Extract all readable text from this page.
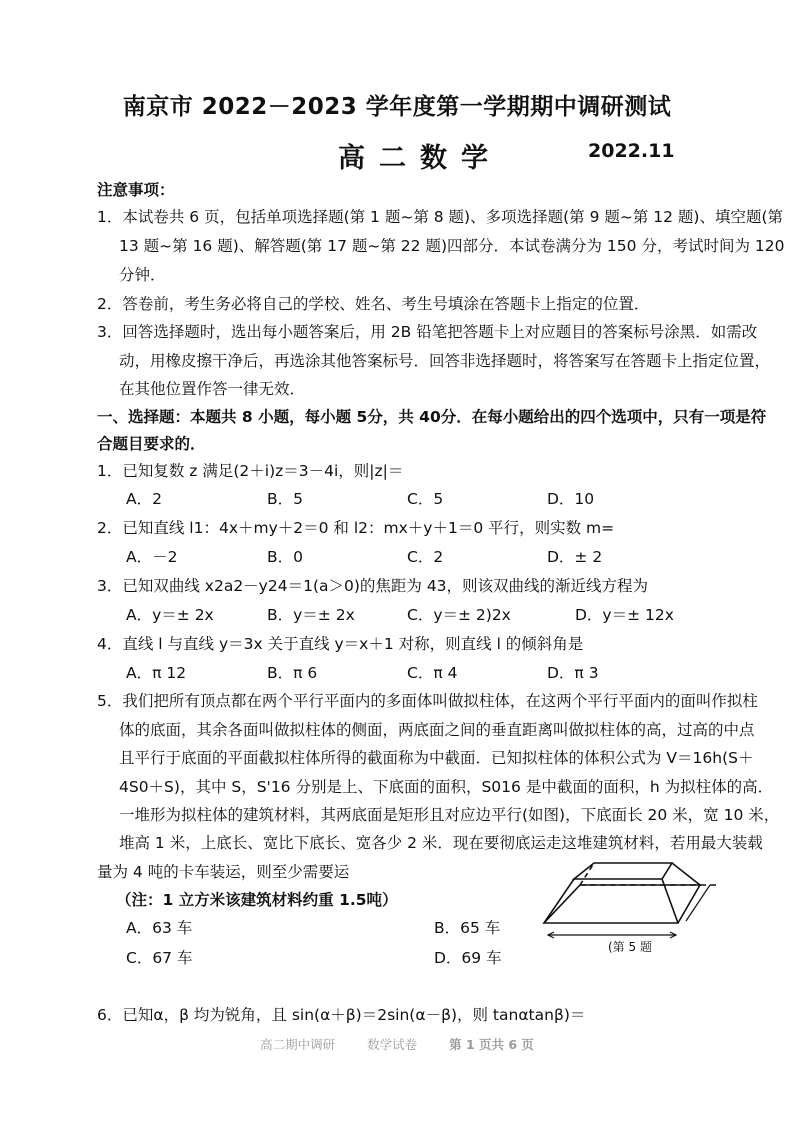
南京市 2022－2023 学年度第一学期期中调研测试
高二数学	2022.11
注意事项：
1．本试卷共 6 页，包括单项选择题(第 1 题~第 8 题)、多项选择题(第 9 题~第 12 题)、填空题(第
13 题~第 16 题)、解答题(第 17 题~第 22 题)四部分．本试卷满分为 150 分，考试时间为 120
分钟．
2．答卷前，考生务必将自己的学校、姓名、考生号填涂在答题卡上指定的位置．
3．回答选择题时，选出每小题答案后，用 2B 铅笔把答题卡上对应题目的答案标号涂黑．如需改
动，用橡皮擦干净后，再选涂其他答案标号．回答非选择题时，将答案写在答题卡上指定位置，
在其他位置作答一律无效．
一、选择题：本题共 8 小题，每小题 5分，共 40分．在每小题给出的四个选项中，只有一项是符
合题目要求的．
1．已知复数 z 满足(2＋i)z＝3－4i，则|z|＝
A．2	B．5	C．5	D．10
2．已知直线 l1：4x＋my＋2＝0 和 l2：mx＋y＋1＝0 平行，则实数 m=
A．－2	B．0	C．2	D．± 2
3．已知双曲线 x2a2－y24＝1(a＞0)的焦距为 43，则该双曲线的渐近线方程为
A．y＝± 2x	B．y＝± 2x	C．y＝± 2)2x	D．y＝± 12x
4．直线 l 与直线 y＝3x 关于直线 y＝x＋1 对称，则直线 l 的倾斜角是
A．π 12	B．π 6	C．π 4	D．π 3
5．我们把所有顶点都在两个平行平面内的多面体叫做拟柱体，在这两个平行平面内的面叫作拟柱
体的底面，其余各面叫做拟柱体的侧面，两底面之间的垂直距离叫做拟柱体的高，过高的中点
且平行于底面的平面截拟柱体所得的截面称为中截面．已知拟柱体的体积公式为 V＝16h(S＋
4S0＋S)，其中 S，S'16 分别是上、下底面的面积，S016 是中截面的面积，h 为拟柱体的高．
一堆形为拟柱体的建筑材料，其两底面是矩形且对应边平行(如图)，下底面长 20 米，宽 10 米，
堆高 1 米，上底长、宽比下底长、宽各少 2 米．现在要彻底运走这堆建筑材料，若用最大装载
量为 4 吨的卡车装运，则至少需要运
（注：1 立方米该建筑材料约重 1.5吨）
A．63 车	B．65 车
C．67 车	D．69 车
(第 5 题
6．已知α，β 均为锐角，且 sin(α＋β)＝2sin(α－β)，则 tanαtanβ)＝
高二期中调研	数学试卷	第 1 页共 6 页
